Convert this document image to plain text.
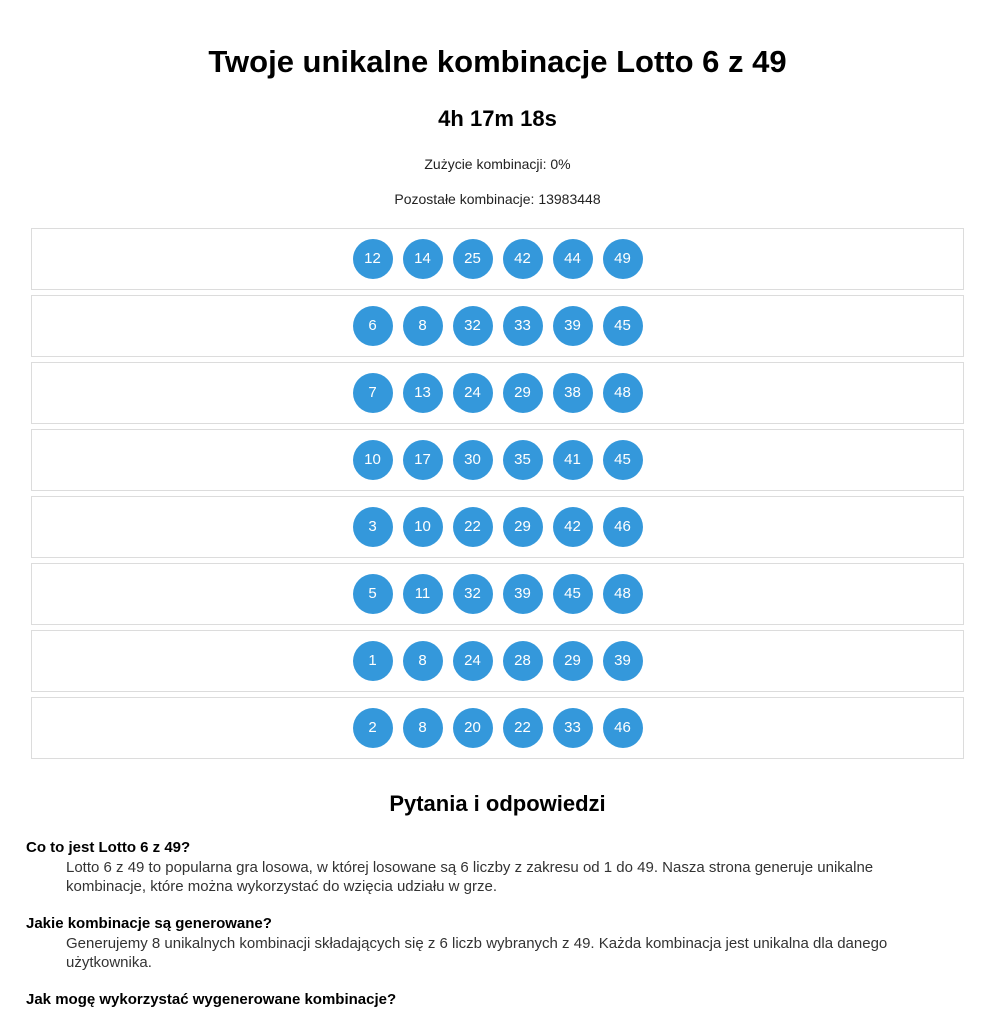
Twoje unikalne kombinacje Lotto 6 z 49
4h 17m 18s
Zużycie kombinacji: 0%
Pozostałe kombinacje: 13983448
12	14	25	42	44	49
6	8	32	33	39	45
7	13	24	29	38	48
10	17	30	35	41	45
3	10	22	29	42	46
5	11	32	39	45	48
1	8	24	28	29	39
2	8	20	22	33	46
Pytania i odpowiedzi
Co to jest Lotto 6 z 49?
Lotto 6 z 49 to popularna gra losowa, w której losowane są 6 liczby z zakresu od 1 do 49. Nasza strona generuje unikalne kombinacje, które można wykorzystać do wzięcia udziału w grze.
Jakie kombinacje są generowane?
Generujemy 8 unikalnych kombinacji składających się z 6 liczb wybranych z 49. Każda kombinacja jest unikalna dla danego użytkownika.
Jak mogę wykorzystać wygenerowane kombinacje?
